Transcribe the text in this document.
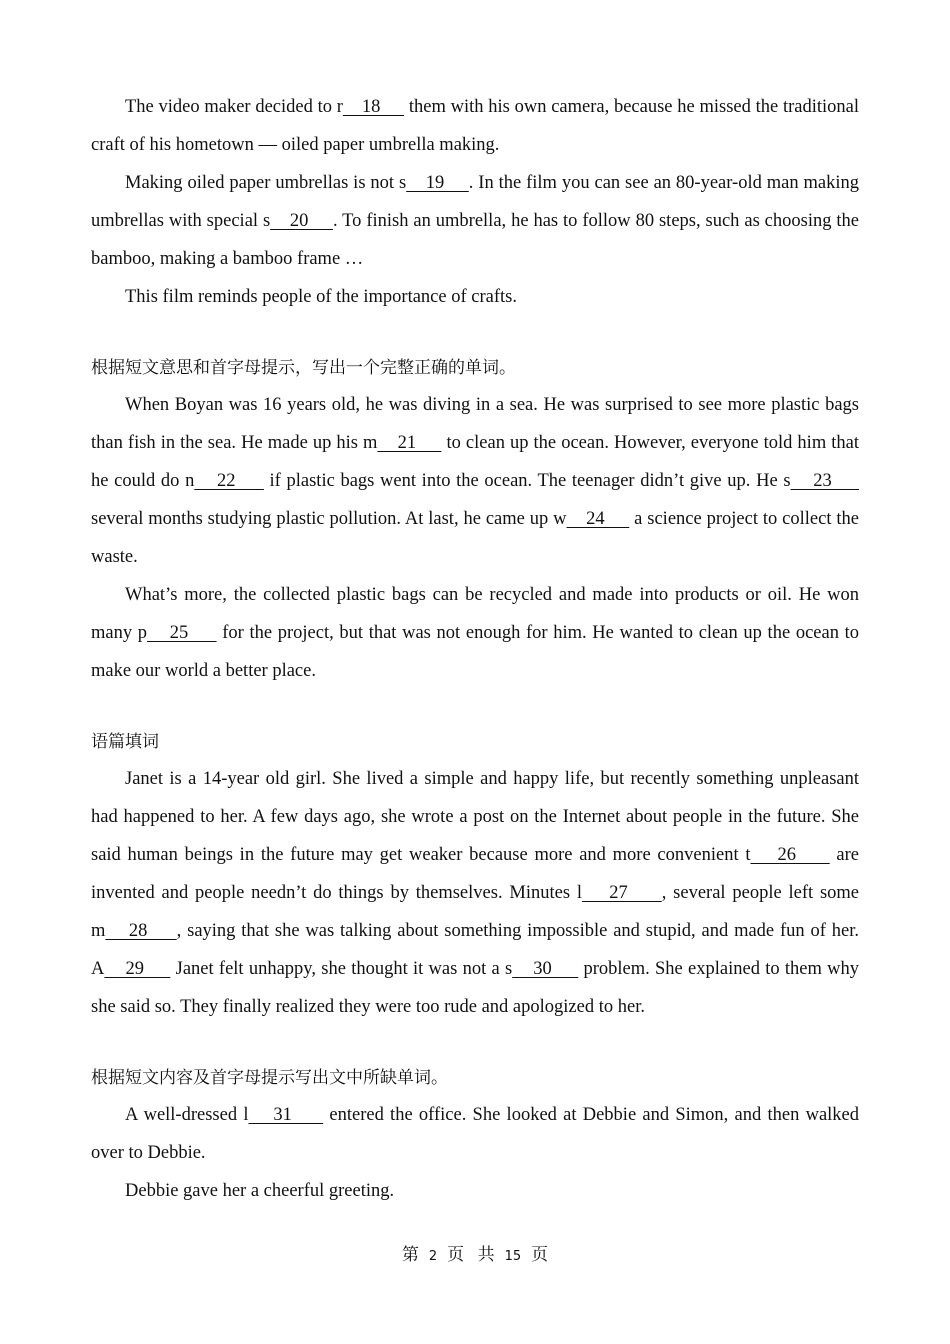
The video maker decided to r    18      them with his own camera, because he missed the traditional craft of his hometown — oiled paper umbrella making.

Making oiled paper umbrellas is not s    19     . In the film you can see an 80-year-old man making umbrellas with special s    20     . To finish an umbrella, he has to follow 80 steps, such as choosing the bamboo, making a bamboo frame …

This film reminds people of the importance of crafts.

根据短文意思和首字母提示，写出一个完整正确的单词。

When Boyan was 16 years old, he was diving in a sea. He was surprised to see more plastic bags than fish in the sea. He made up his m    21      to clean up the ocean. However, everyone told him that he could do n    22      if plastic bags went into the ocean. The teenager didn’t give up. He s    23      several months studying plastic pollution. At last, he came up w    24      a science project to collect the waste.

What’s more, the collected plastic bags can be recycled and made into products or oil. He won many p    25      for the project, but that was not enough for him. He wanted to clean up the ocean to make our world a better place.

语篇填词

Janet is a 14-year old girl. She lived a simple and happy life, but recently something unpleasant had happened to her. A few days ago, she wrote a post on the Internet about people in the future. She said human beings in the future may get weaker because more and more convenient t    26      are invented and people needn’t do things by themselves. Minutes l    27     , several people left some m    28     , saying that she was talking about something impossible and stupid, and made fun of her. A    29      Janet felt unhappy, she thought it was not a s    30      problem. She explained to them why she said so. They finally realized they were too rude and apologized to her.

根据短文内容及首字母提示写出文中所缺单词。

A well-dressed l    31      entered the office. She looked at Debbie and Simon, and then walked over to Debbie.

Debbie gave her a cheerful greeting.

第 2 页 共 15 页
